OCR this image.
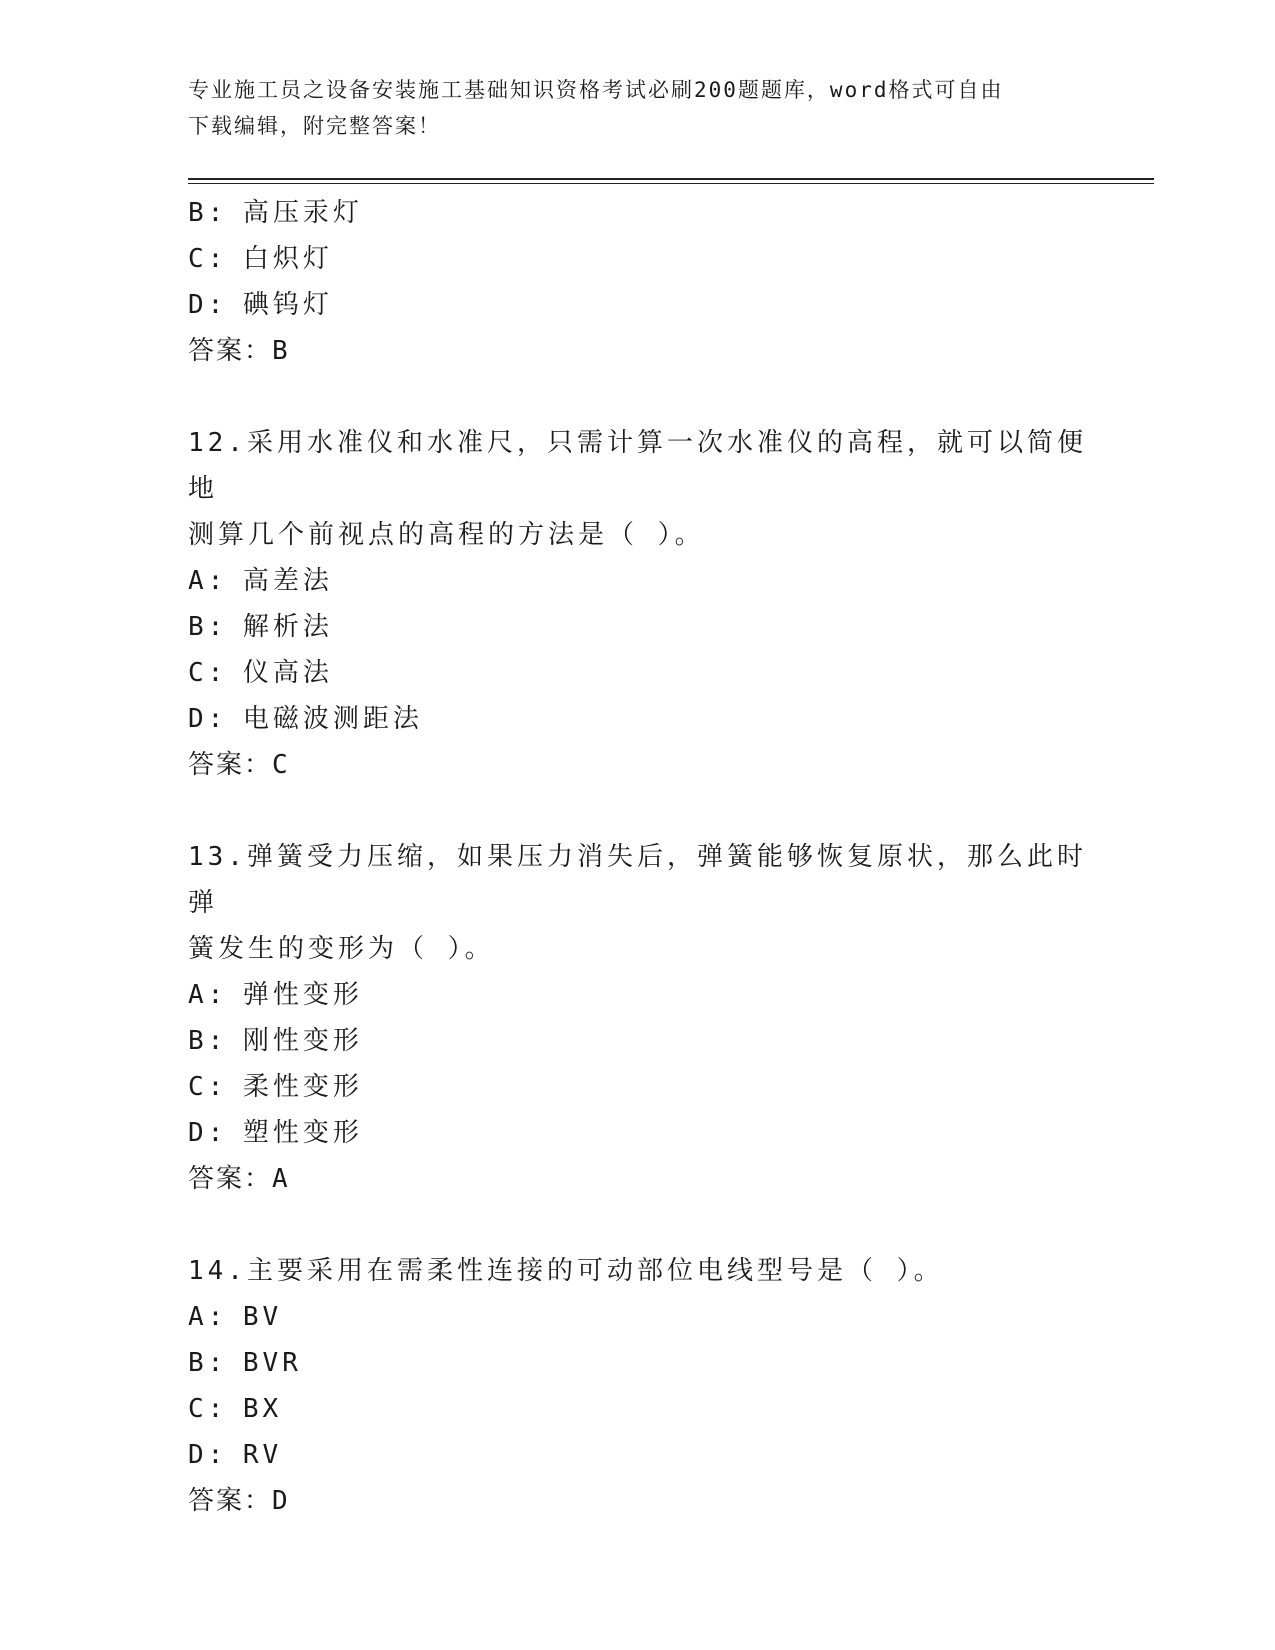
专业施工员之设备安装施工基础知识资格考试必刷200题题库，word格式可自由
下载编辑，附完整答案！
B: 高压汞灯
C: 白炽灯
D: 碘钨灯
答案：B
12.采用水准仪和水准尺，只需计算一次水准仪的高程，就可以简便地
测算几个前视点的高程的方法是（ ）。
A: 高差法
B: 解析法
C: 仪高法
D: 电磁波测距法
答案：C
13.弹簧受力压缩，如果压力消失后，弹簧能够恢复原状，那么此时弹
簧发生的变形为（ ）。
A: 弹性变形
B: 刚性变形
C: 柔性变形
D: 塑性变形
答案：A
14.主要采用在需柔性连接的可动部位电线型号是（ ）。
A: BV
B: BVR
C: BX
D: RV
答案：D
